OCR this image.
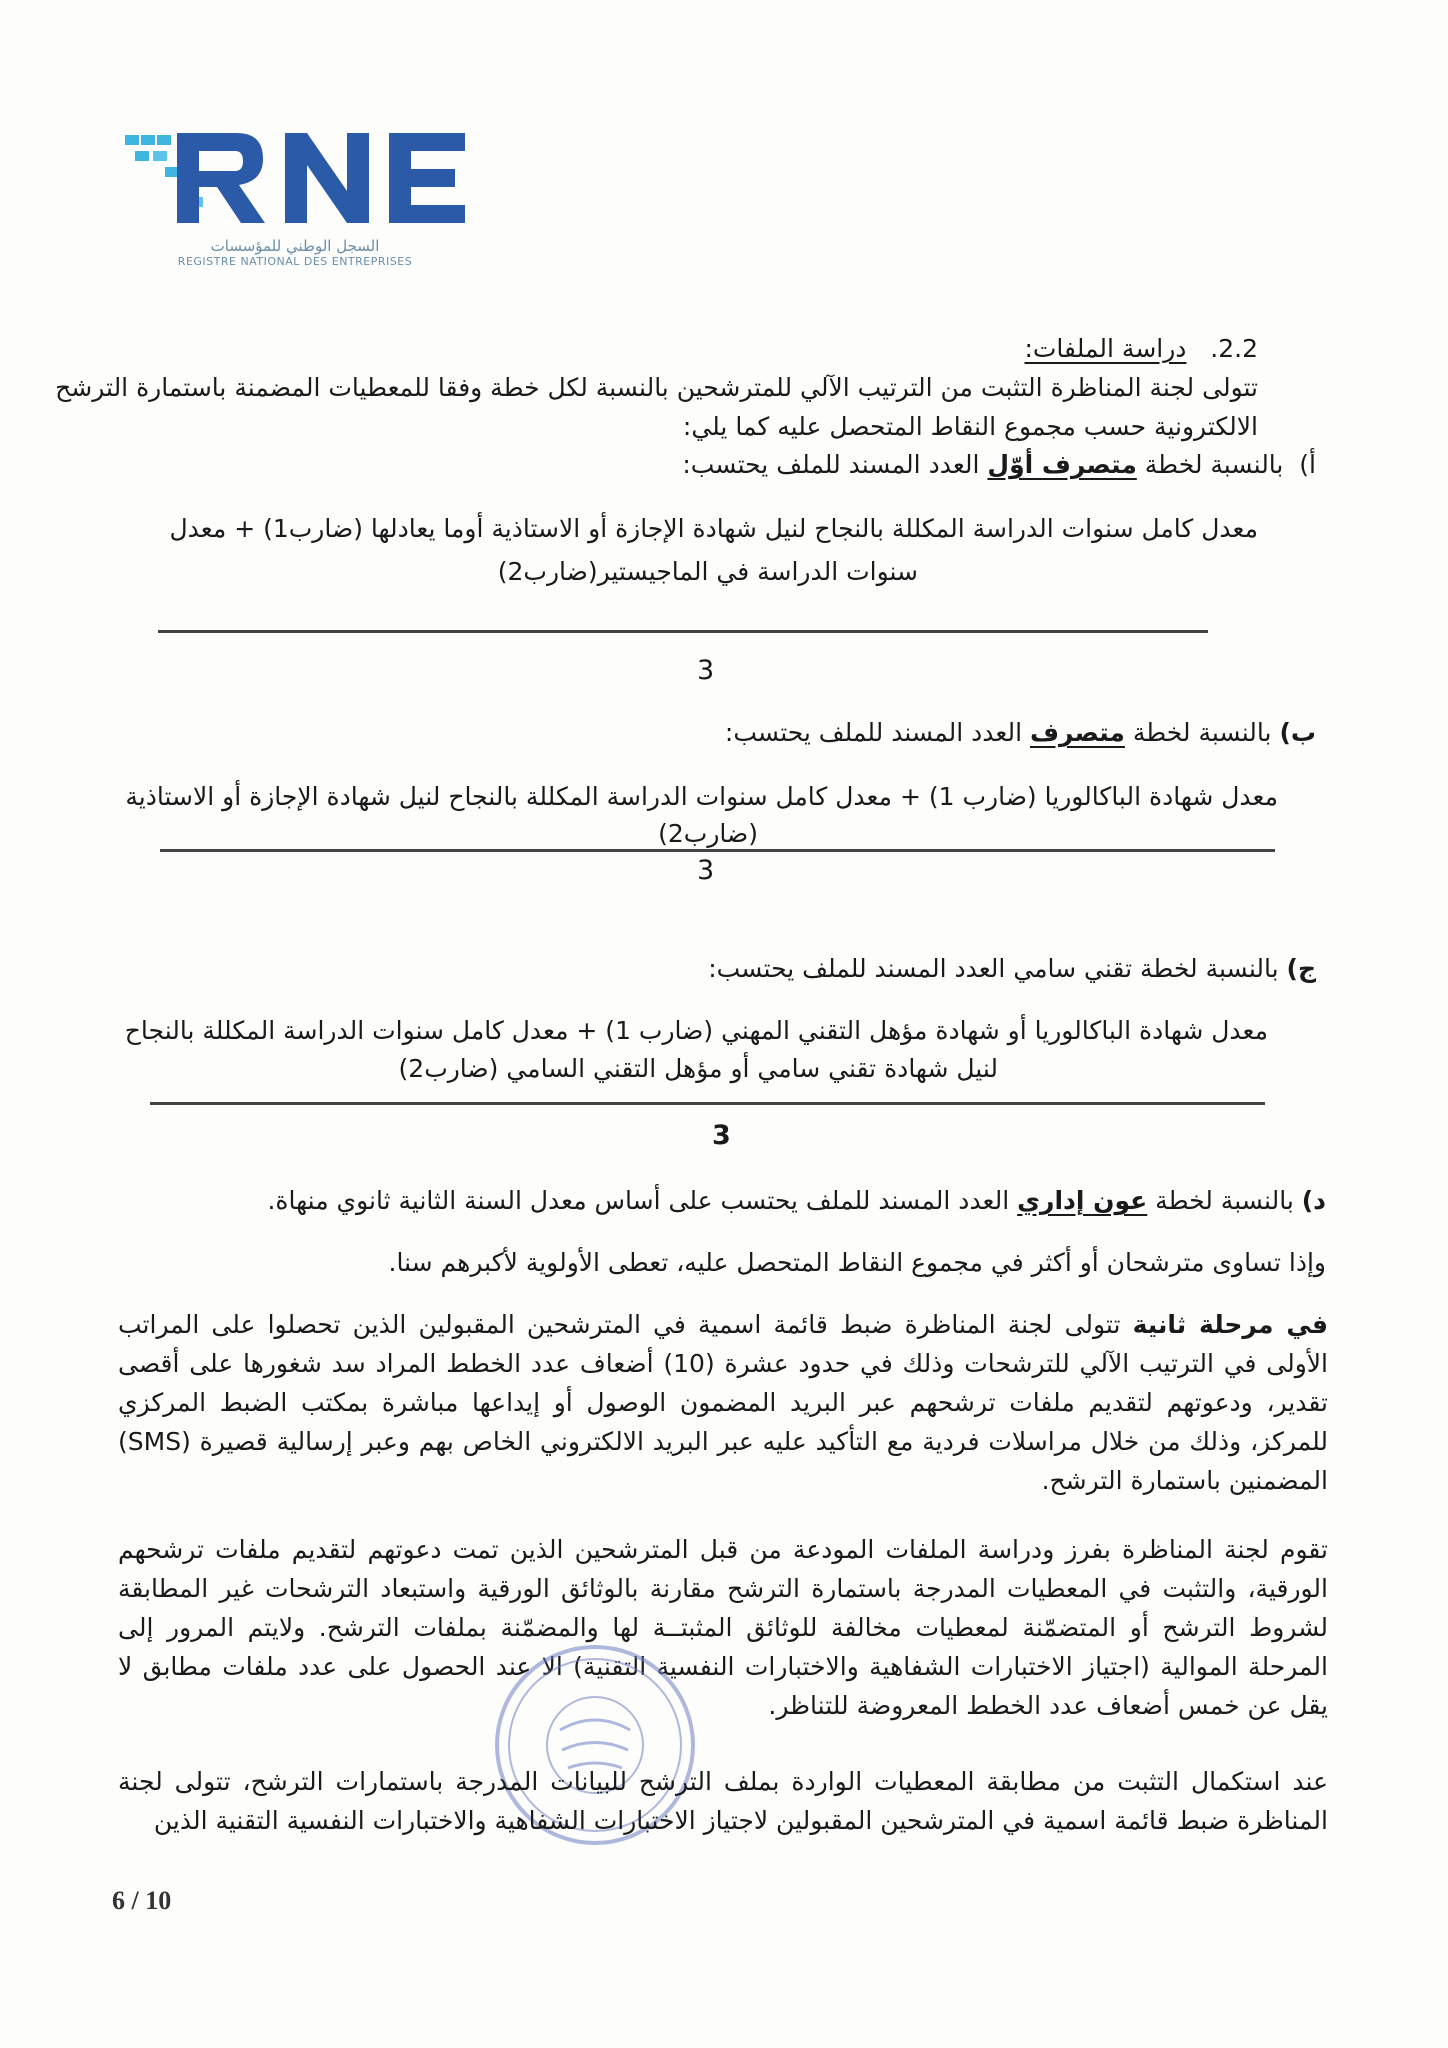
السجل الوطني للمؤسسات
REGISTRE NATIONAL DES ENTREPRISES
2.2.   دراسة الملفات:
تتولى لجنة المناظرة التثبت من الترتيب الآلي للمترشحين بالنسبة لكل خطة وفقا للمعطيات المضمنة باستمارة الترشح
الالكترونية حسب مجموع النقاط المتحصل عليه كما يلي:
أ)  بالنسبة لخطة متصرف أوّل العدد المسند للملف يحتسب:
معدل كامل سنوات الدراسة المكللة بالنجاح لنيل شهادة الإجازة أو الاستاذية أوما يعادلها (ضارب1) + معدل
سنوات الدراسة في الماجيستير(ضارب2)
3
ب) بالنسبة لخطة متصرف العدد المسند للملف يحتسب:
معدل شهادة الباكالوريا (ضارب 1) + معدل كامل سنوات الدراسة المكللة بالنجاح لنيل شهادة الإجازة أو الاستاذية
(ضارب2)
3
ج) بالنسبة لخطة تقني سامي العدد المسند للملف يحتسب:
معدل شهادة الباكالوريا أو شهادة مؤهل التقني المهني (ضارب 1) + معدل كامل سنوات الدراسة المكللة بالنجاح
لنيل شهادة تقني سامي أو مؤهل التقني السامي (ضارب2)
3
د) بالنسبة لخطة عون إداري العدد المسند للملف يحتسب على أساس معدل السنة الثانية ثانوي منهاة.
وإذا تساوى مترشحان أو أكثر في مجموع النقاط المتحصل عليه، تعطى الأولوية لأكبرهم سنا.
في مرحلة ثانية تتولى لجنة المناظرة ضبط قائمة اسمية في المترشحين المقبولين الذين تحصلوا على المراتب الأولى في الترتيب الآلي للترشحات وذلك في حدود عشرة (10) أضعاف عدد الخطط المراد سد شغورها على أقصى تقدير، ودعوتهم لتقديم ملفات ترشحهم عبر البريد المضمون الوصول أو إيداعها مباشرة بمكتب الضبط المركزي للمركز، وذلك من خلال مراسلات فردية مع التأكيد عليه عبر البريد الالكتروني الخاص بهم وعبر إرسالية قصيرة (SMS) المضمنين باستمارة الترشح.
تقوم لجنة المناظرة بفرز ودراسة الملفات المودعة من قبل المترشحين الذين تمت دعوتهم لتقديم ملفات ترشحهم الورقية، والتثبت في المعطيات المدرجة باستمارة الترشح مقارنة بالوثائق الورقية واستبعاد الترشحات غير المطابقة لشروط الترشح أو المتضمّنة لمعطيات مخالفة للوثائق المثبتــة لها والمضمّنة بملفات الترشح. ولايتم المرور إلى المرحلة الموالية (اجتياز الاختبارات الشفاهية والاختبارات النفسية التقنية) الا عند الحصول على عدد ملفات مطابق لا يقل عن خمس أضعاف عدد الخطط المعروضة للتناظر.
عند استكمال التثبت من مطابقة المعطيات الواردة بملف الترشح للبيانات المدرجة باستمارات الترشح، تتولى لجنة المناظرة ضبط قائمة اسمية في المترشحين المقبولين لاجتياز الاختبارات الشفاهية والاختبارات النفسية التقنية الذين
6 / 10
